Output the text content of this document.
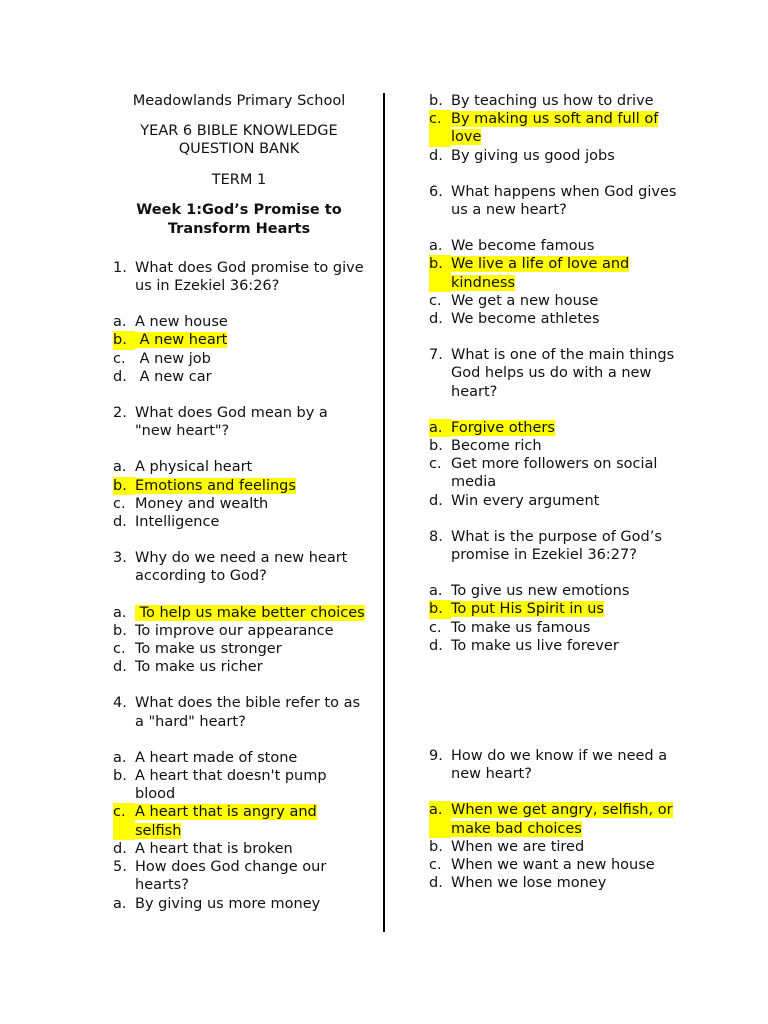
Meadowlands Primary School

YEAR 6 BIBLE KNOWLEDGE QUESTION BANK

TERM 1

Week 1:God’s Promise to Transform Hearts

1. What does God promise to give us in Ezekiel 36:26?
a. A new house
b. A new heart
c. A new job
d. A new car
2. What does God mean by a "new heart"?
a. A physical heart
b. Emotions and feelings
c. Money and wealth
d. Intelligence
3. Why do we need a new heart according to God?
a. To help us make better choices
b. To improve our appearance
c. To make us stronger
d. To make us richer
4. What does the bible refer to as a "hard" heart?
a. A heart made of stone
b. A heart that doesn't pump blood
c. A heart that is angry and selfish
d. A heart that is broken
5. How does God change our hearts?
a. By giving us more money
b. By teaching us how to drive
c. By making us soft and full of love
d. By giving us good jobs
6. What happens when God gives us a new heart?
a. We become famous
b. We live a life of love and kindness
c. We get a new house
d. We become athletes
7. What is one of the main things God helps us do with a new heart?
a. Forgive others
b. Become rich
c. Get more followers on social media
d. Win every argument
8. What is the purpose of God’s promise in Ezekiel 36:27?
a. To give us new emotions
b. To put His Spirit in us
c. To make us famous
d. To make us live forever
9. How do we know if we need a new heart?
a. When we get angry, selfish, or make bad choices
b. When we are tired
c. When we want a new house
d. When we lose money
